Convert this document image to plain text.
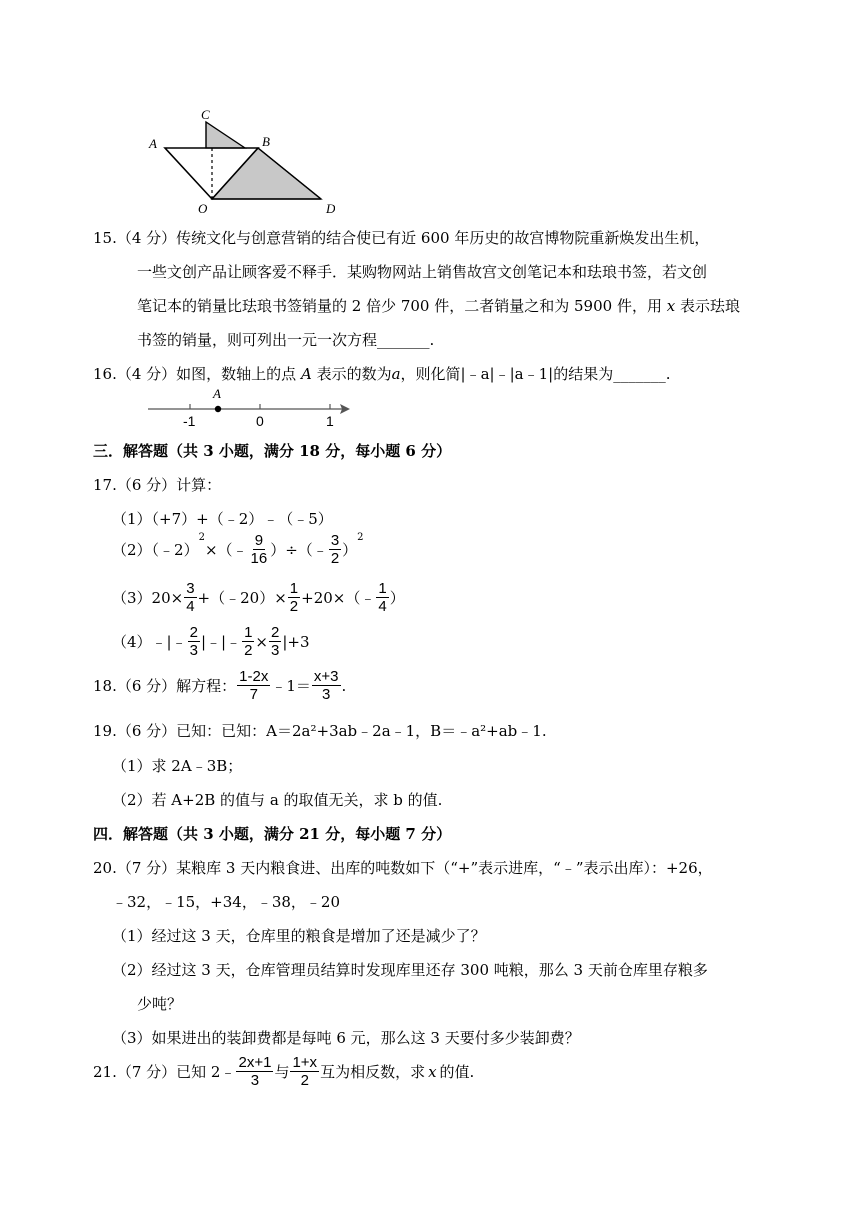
C
A	B
O	D
15.（4 分）传统文化与创意营销的结合使已有近 600 年历史的故宫博物院重新焕发出生机，
一些文创产品让顾客爱不释手．某购物网站上销售故宫文创笔记本和珐琅书签，若文创
笔记本的销量比珐琅书签销量的 2 倍少 700 件，二者销量之和为 5900 件，用 x 表示珐琅
书签的销量，则可列出一元一次方程_______.
16.（4 分）如图，数轴上的点 A 表示的数为a，则化简|﹣a|﹣|a﹣1|的结果为_______.
A
-1	0	1
三．解答题（共 3 小题，满分 18 分，每小题 6 分）
17.（6 分）计算：
（1）（+7）+（﹣2）﹣（﹣5）
（2）（﹣2）
$^2$
×（﹣ $\frac{9}{16}$ ）÷（﹣ $\frac{3}{2}$ ）
$^2$
$(3)20\times \frac{3}{4}$ +（﹣20）× $\frac{1}{2}$ +20×（﹣ $\frac{1}{4}$ ）
（4）﹣|﹣ $\frac{2}{3}$ |﹣|﹣ $\frac{1}{2} \times \frac{2}{3} |+3$
18.（6 分）解方程： $\frac{1-2x}{7}$ ﹣1＝ $\frac{x+3}{3}$ .
19.（6 分）已知：已知：A＝2a²+3ab﹣2a﹣1，B＝﹣a²+ab﹣1.
（1）求 2A﹣3B；
（2）若 A+2B 的值与 a 的取值无关，求 b 的值.
四．解答题（共 3 小题，满分 21 分，每小题 7 分）
20.（7 分）某粮库 3 天内粮食进、出库的吨数如下（“+”表示进库，“﹣”表示出库）：+26，
﹣32，﹣15，+34，﹣38，﹣20
（1）经过这 3 天，仓库里的粮食是增加了还是减少了？
（2）经过这 3 天，仓库管理员结算时发现库里还存 300 吨粮，那么 3 天前仓库里存粮多
少吨？
（3）如果进出的装卸费都是每吨 6 元，那么这 3 天要付多少装卸费？
21.（7 分）已知 2﹣ $\frac{2x+1}{3}$ 与 $\frac{1+x}{2}$ 互为相反数，求 x 的值.
